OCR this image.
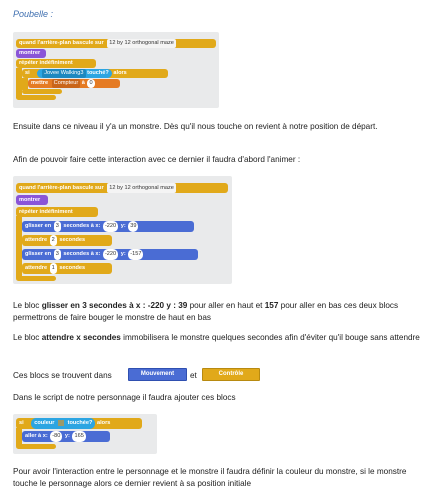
Poubelle :
quand l'arrière-plan bascule sur 12 by 12 orthogonal maze
montrer
répéter indéfiniment
si	Jovee Walking3 touché? alors
mettre Compteur à 0
Ensuite dans ce niveau il y'a un monstre. Dès qu'il nous touche on revient à notre position de départ.
Afin de pouvoir faire cette interaction avec ce dernier il faudra d'abord l'animer :
quand l'arrière-plan bascule sur 12 by 12 orthogonal maze
montrer
répéter indéfiniment
glisser en 3 secondes à x: -220 y: 39
attendre 2 secondes
glisser en 3 secondes à x: -220 y: -157
attendre 1 secondes
Le bloc glisser en 3 secondes à x : -220 y : 39 pour aller en haut et 157 pour aller en bas ces deux blocs permettrons de faire bouger le monstre de haut en bas
Le bloc attendre x secondes immobilisera le monstre quelques secondes afin d'éviter qu'il bouge sans attendre
Ces blocs se trouvent dans	Mouvement	et	Contrôle
Dans le script de notre personnage il faudra ajouter ces blocs
si couleur touchée? alors
aller à x: -80 y: 165
Pour avoir l'interaction entre le personnage et le monstre il faudra définir la couleur du monstre, si le monstre touche le personnage alors ce dernier revient à sa position initiale
